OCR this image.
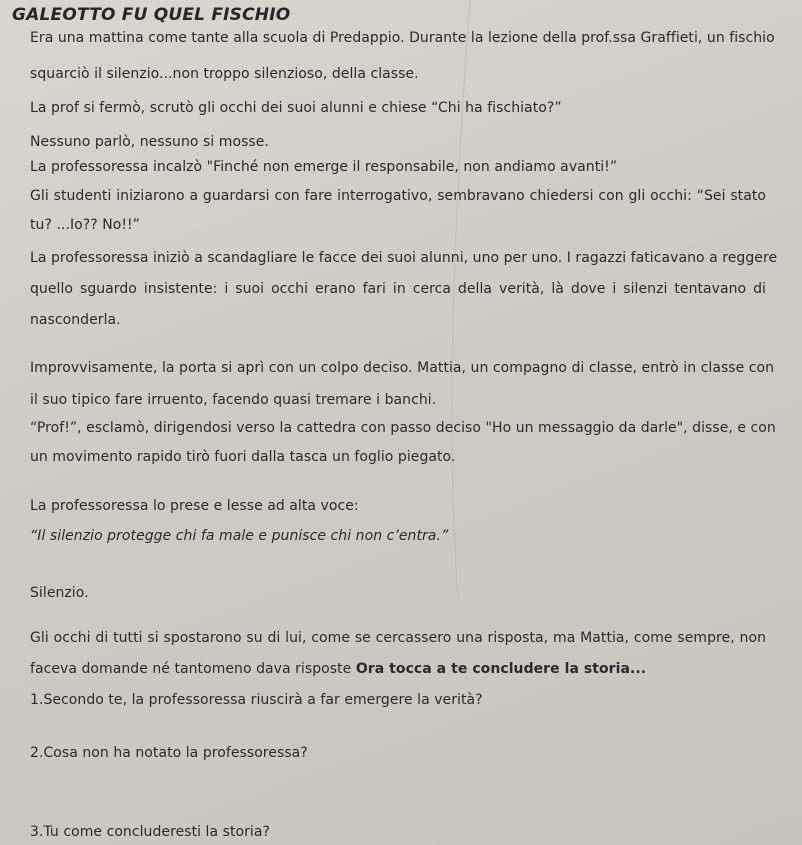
GALEOTTO FU QUEL FISCHIO
Era una mattina come tante alla scuola di Predappio. Durante la lezione della prof.ssa Graffieti, un fischio
squarciò il silenzio...non troppo silenzioso, della classe.
La prof si fermò, scrutò gli occhi dei suoi alunni e chiese “Chi ha fischiato?”
Nessuno parlò, nessuno si mosse.
La professoressa incalzò "Finché non emerge il responsabile, non andiamo avanti!”
Gli studenti iniziarono a guardarsi con fare interrogativo, sembravano chiedersi con gli occhi: “Sei stato
tu? ...Io?? No!!”
La professoressa iniziò a scandagliare le facce dei suoi alunni, uno per uno. I ragazzi faticavano a reggere
quello sguardo insistente: i suoi occhi erano fari in cerca della verità, là dove i silenzi tentavano di
nasconderla.
Improvvisamente, la porta si aprì con un colpo deciso. Mattia, un compagno di classe, entrò in classe con
il suo tipico fare irruento, facendo quasi tremare i banchi.
“Prof!”, esclamò, dirigendosi verso la cattedra con passo deciso "Ho un messaggio da darle", disse, e con
un movimento rapido tirò fuori dalla tasca un foglio piegato.
La professoressa lo prese e lesse ad alta voce:
“Il silenzio protegge chi fa male e punisce chi non c’entra.”
Silenzio.
Gli occhi di tutti si spostarono su di lui, come se cercassero una risposta, ma Mattia, come sempre, non
faceva domande né tantomeno dava risposte Ora tocca a te concludere la storia...
1.Secondo te, la professoressa riuscirà a far emergere la verità?
2.Cosa non ha notato la professoressa?
3.Tu come concluderesti la storia?
